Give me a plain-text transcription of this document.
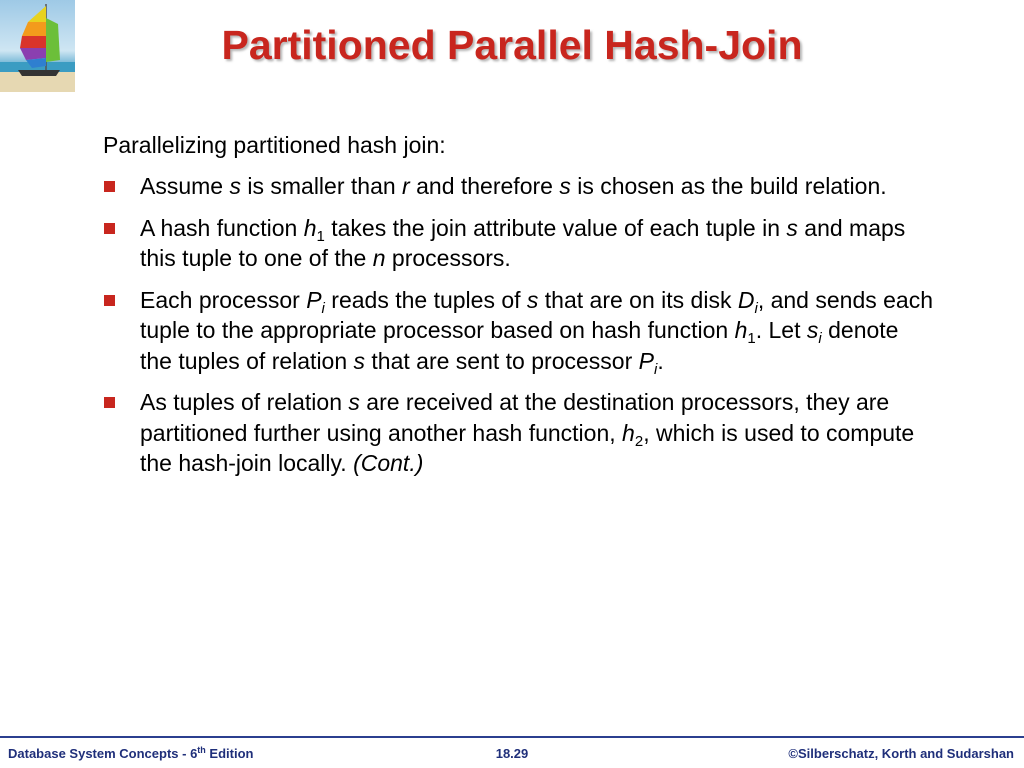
Partitioned Parallel Hash-Join

Parallelizing partitioned hash join:

Assume s is smaller than r and therefore s is chosen as the build relation.
A hash function $h_1$ takes the join attribute value of each tuple in s and maps this tuple to one of the n processors.
Each processor $P_i$ reads the tuples of s that are on its disk $D_i$, and sends each tuple to the appropriate processor based on hash function $h_1$. Let $s_i$ denote the tuples of relation s that are sent to processor $P_i$.
As tuples of relation s are received at the destination processors, they are partitioned further using another hash function, $h_2$, which is used to compute the hash-join locally. (Cont.)
Database System Concepts - 6th Edition	18.29	©Silberschatz, Korth and Sudarshan
